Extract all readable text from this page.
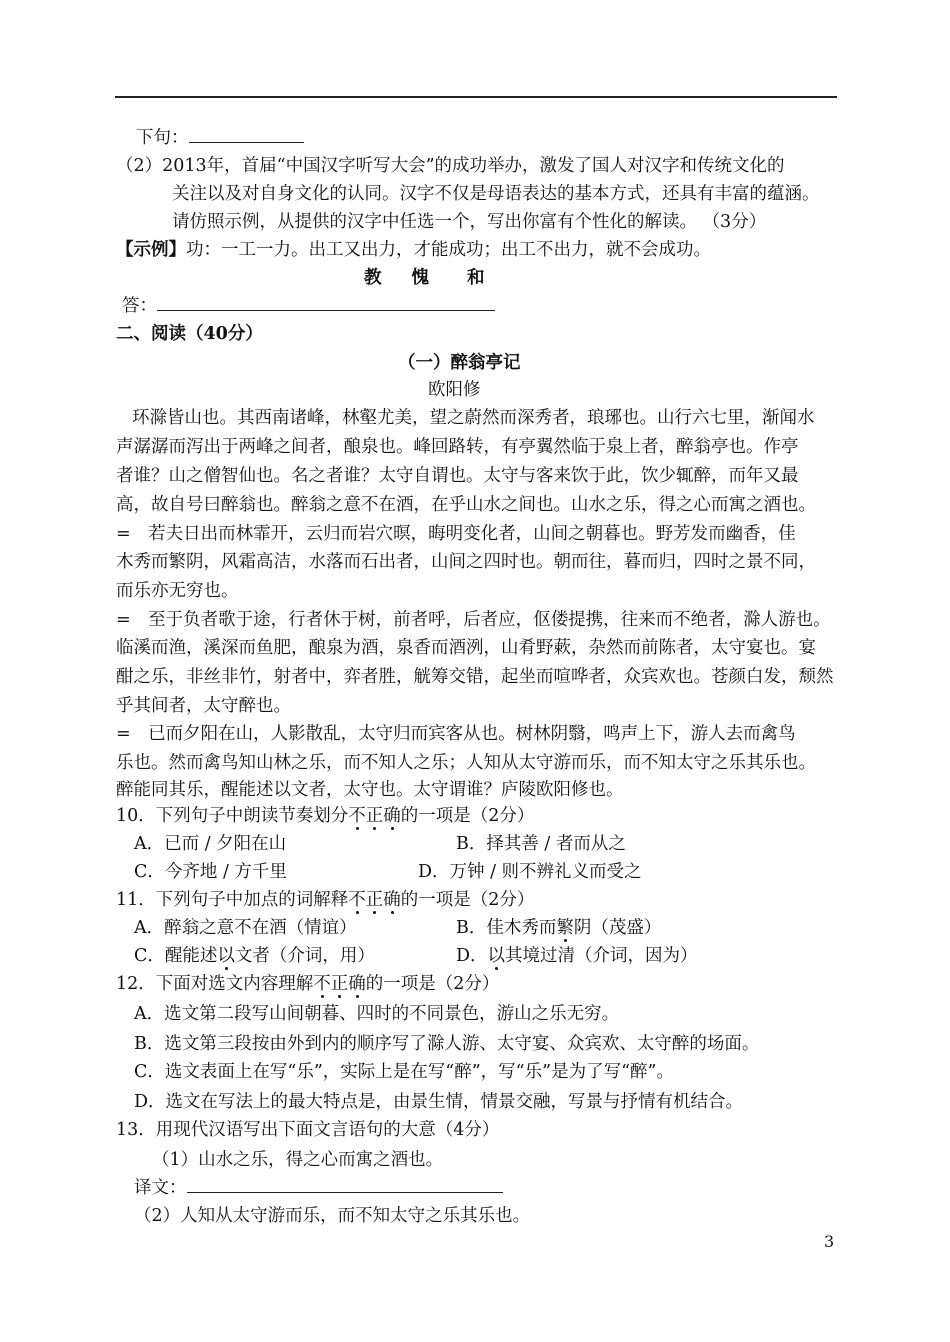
下句：
（2）2013年，首届“中国汉字听写大会”的成功举办，激发了国人对汉字和传统文化的
关注以及对自身文化的认同。汉字不仅是母语表达的基本方式，还具有丰富的蕴涵。
请仿照示例，从提供的汉字中任选一个，写出你富有个性化的解读。 （3分）
【示例】功：一工一力。出工又出力，才能成功；出工不出力，就不会成功。
教 愧 和
答：
二、阅读（40分）
（一）醉翁亭记
欧阳修
环滁皆山也。其西南诸峰，林壑尤美，望之蔚然而深秀者，琅琊也。山行六七里，渐闻水
声潺潺而泻出于两峰之间者，酿泉也。峰回路转，有亭翼然临于泉上者，醉翁亭也。作亭
者谁？山之僧智仙也。名之者谁？太守自谓也。太守与客来饮于此，饮少辄醉，而年又最
高，故自号曰醉翁也。醉翁之意不在酒，在乎山水之间也。山水之乐，得之心而寓之酒也。
=　若夫日出而林霏开，云归而岩穴暝，晦明变化者，山间之朝暮也。野芳发而幽香，佳
木秀而繁阴，风霜高洁，水落而石出者，山间之四时也。朝而往，暮而归，四时之景不同，
而乐亦无穷也。
=　至于负者歌于途，行者休于树，前者呼，后者应，伛偻提携，往来而不绝者，滁人游也。
临溪而渔，溪深而鱼肥，酿泉为酒，泉香而酒洌，山肴野蔌，杂然而前陈者，太守宴也。宴
酣之乐，非丝非竹，射者中，弈者胜，觥筹交错，起坐而喧哗者，众宾欢也。苍颜白发，颓然
乎其间者，太守醉也。
=　已而夕阳在山，人影散乱，太守归而宾客从也。树林阴翳，鸣声上下，游人去而禽鸟
乐也。然而禽鸟知山林之乐，而不知人之乐；人知从太守游而乐，而不知太守之乐其乐也。
醉能同其乐，醒能述以文者，太守也。太守谓谁？庐陵欧阳修也。
10．下列句子中朗读节奏划分不正确的一项是（2分）
A．已而 / 夕阳在山	B．择其善 / 者而从之
C．今齐地 / 方千里	D．万钟 / 则不辨礼义而受之
11．下列句子中加点的词解释不正确的一项是（2分）
A．醉翁之意不在酒（情谊）	B．佳木秀而繁阴（茂盛）
C．醒能述以文者（介词，用）	D．以其境过清（介词，因为）
12．下面对选文内容理解不正确的一项是（2分）
A．选文第二段写山间朝暮、四时的不同景色，游山之乐无穷。
B．选文第三段按由外到内的顺序写了滁人游、太守宴、众宾欢、太守醉的场面。
C．选文表面上在写“乐”，实际上是在写“醉”，写“乐”是为了写“醉”。
D．选文在写法上的最大特点是，由景生情，情景交融，写景与抒情有机结合。
13．用现代汉语写出下面文言语句的大意（4分）
（1）山水之乐，得之心而寓之酒也。
译文：
（2）人知从太守游而乐，而不知太守之乐其乐也。
3
